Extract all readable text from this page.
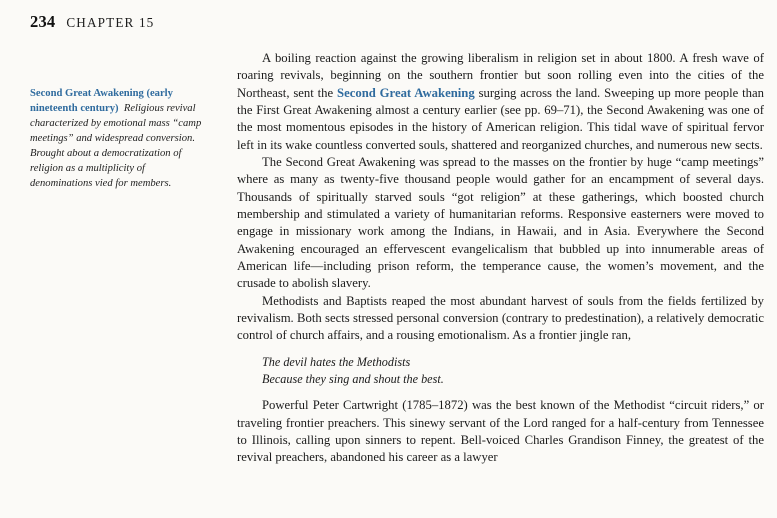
234 CHAPTER 15
Second Great Awakening (early nineteenth century) Religious revival characterized by emotional mass “camp meetings” and widespread conversion. Brought about a democratization of religion as a multiplicity of denominations vied for members.

A boiling reaction against the growing liberalism in religion set in about 1800. A fresh wave of roaring revivals, beginning on the southern frontier but soon rolling even into the cities of the Northeast, sent the Second Great Awakening surging across the land. Sweeping up more people than the First Great Awakening almost a century earlier (see pp. 69–71), the Second Awakening was one of the most momentous episodes in the history of American religion. This tidal wave of spiritual fervor left in its wake countless converted souls, shattered and reorganized churches, and numerous new sects.

The Second Great Awakening was spread to the masses on the frontier by huge “camp meetings” where as many as twenty-five thousand people would gather for an encampment of several days. Thousands of spiritually starved souls “got religion” at these gatherings, which boosted church membership and stimulated a variety of humanitarian reforms. Responsive easterners were moved to engage in missionary work among the Indians, in Hawaii, and in Asia. Everywhere the Second Awakening encouraged an effervescent evangelicalism that bubbled up into innumerable areas of American life—including prison reform, the temperance cause, the women’s movement, and the crusade to abolish slavery.

Methodists and Baptists reaped the most abundant harvest of souls from the fields fertilized by revivalism. Both sects stressed personal conversion (contrary to predestination), a relatively democratic control of church affairs, and a rousing emotionalism. As a frontier jingle ran,

The devil hates the Methodists
Because they sing and shout the best.

Powerful Peter Cartwright (1785–1872) was the best known of the Methodist “circuit riders,” or traveling frontier preachers. This sinewy servant of the Lord ranged for a half-century from Tennessee to Illinois, calling upon sinners to repent. Bell-voiced Charles Grandison Finney, the greatest of the revival preachers, abandoned his career as a lawyer
